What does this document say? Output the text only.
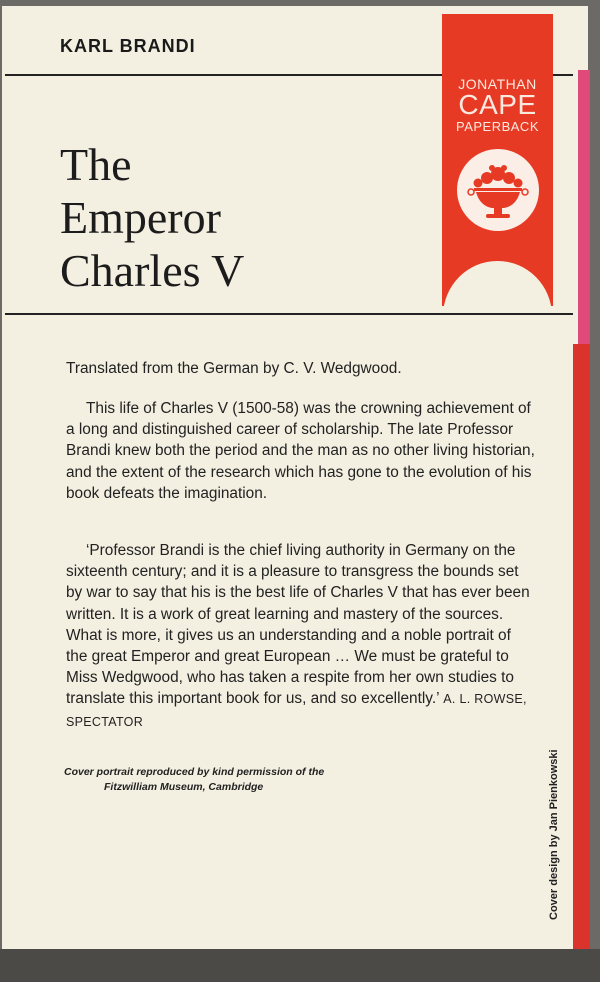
KARL BRANDI
The
Emperor
Charles V
JONATHAN
CAPE
PAPERBACK
Translated from the German by C. V. Wedgwood.
This life of Charles V (1500-58) was the crowning achievement of a long and distinguished career of scholarship. The late Professor Brandi knew both the period and the man as no other living historian, and the extent of the research which has gone to the evolution of his book defeats the imagination.
‘Professor Brandi is the chief living authority in Germany on the sixteenth century; and it is a pleasure to transgress the bounds set by war to say that his is the best life of Charles V that has ever been written. It is a work of great learning and mastery of the sources. What is more, it gives us an understanding and a noble portrait of the great Emperor and great European … We must be grateful to Miss Wedgwood, who has taken a respite from her own studies to translate this important book for us, and so excellently.’ A. L. ROWSE, SPECTATOR
Cover portrait reproduced by kind permission of the
Fitzwilliam Museum, Cambridge	Cover design by Jan Pienkowski
